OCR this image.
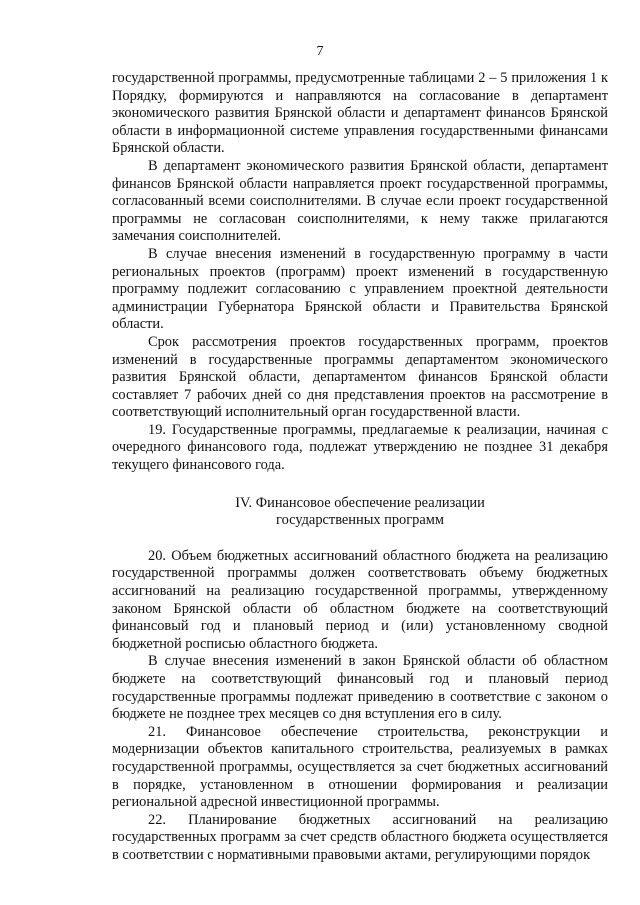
7

государственной программы, предусмотренные таблицами 2 – 5 приложения 1 к Порядку, формируются и направляются на согласование в департамент экономического развития Брянской области и департамент финансов Брянской области в информационной системе управления государственными финансами Брянской области.

В департамент экономического развития Брянской области, департамент финансов Брянской области направляется проект государственной программы, согласованный всеми соисполнителями. В случае если проект государственной программы не согласован соисполнителями, к нему также прилагаются замечания соисполнителей.

В случае внесения изменений в государственную программу в части региональных проектов (программ) проект изменений в государственную программу подлежит согласованию с управлением проектной деятельности администрации Губернатора Брянской области и Правительства Брянской области.

Срок рассмотрения проектов государственных программ, проектов изменений в государственные программы департаментом экономического развития Брянской области, департаментом финансов Брянской области составляет 7 рабочих дней со дня представления проектов на рассмотрение в соответствующий исполнительный орган государственной власти.

19. Государственные программы, предлагаемые к реализации, начиная с очередного финансового года, подлежат утверждению не позднее 31 декабря текущего финансового года.

IV. Финансовое обеспечение реализации
государственных программ

20. Объем бюджетных ассигнований областного бюджета на реализацию государственной программы должен соответствовать объему бюджетных ассигнований на реализацию государственной программы, утвержденному законом Брянской области об областном бюджете на соответствующий финансовый год и плановый период и (или) установленному сводной бюджетной росписью областного бюджета.

В случае внесения изменений в закон Брянской области об областном бюджете на соответствующий финансовый год и плановый период государственные программы подлежат приведению в соответствие с законом о бюджете не позднее трех месяцев со дня вступления его в силу.

21. Финансовое обеспечение строительства, реконструкции и модернизации объектов капитального строительства, реализуемых в рамках государственной программы, осуществляется за счет бюджетных ассигнований в порядке, установленном в отношении формирования и реализации региональной адресной инвестиционной программы.

22. Планирование бюджетных ассигнований на реализацию государственных программ за счет средств областного бюджета осуществляется в соответствии с нормативными правовыми актами, регулирующими порядок
